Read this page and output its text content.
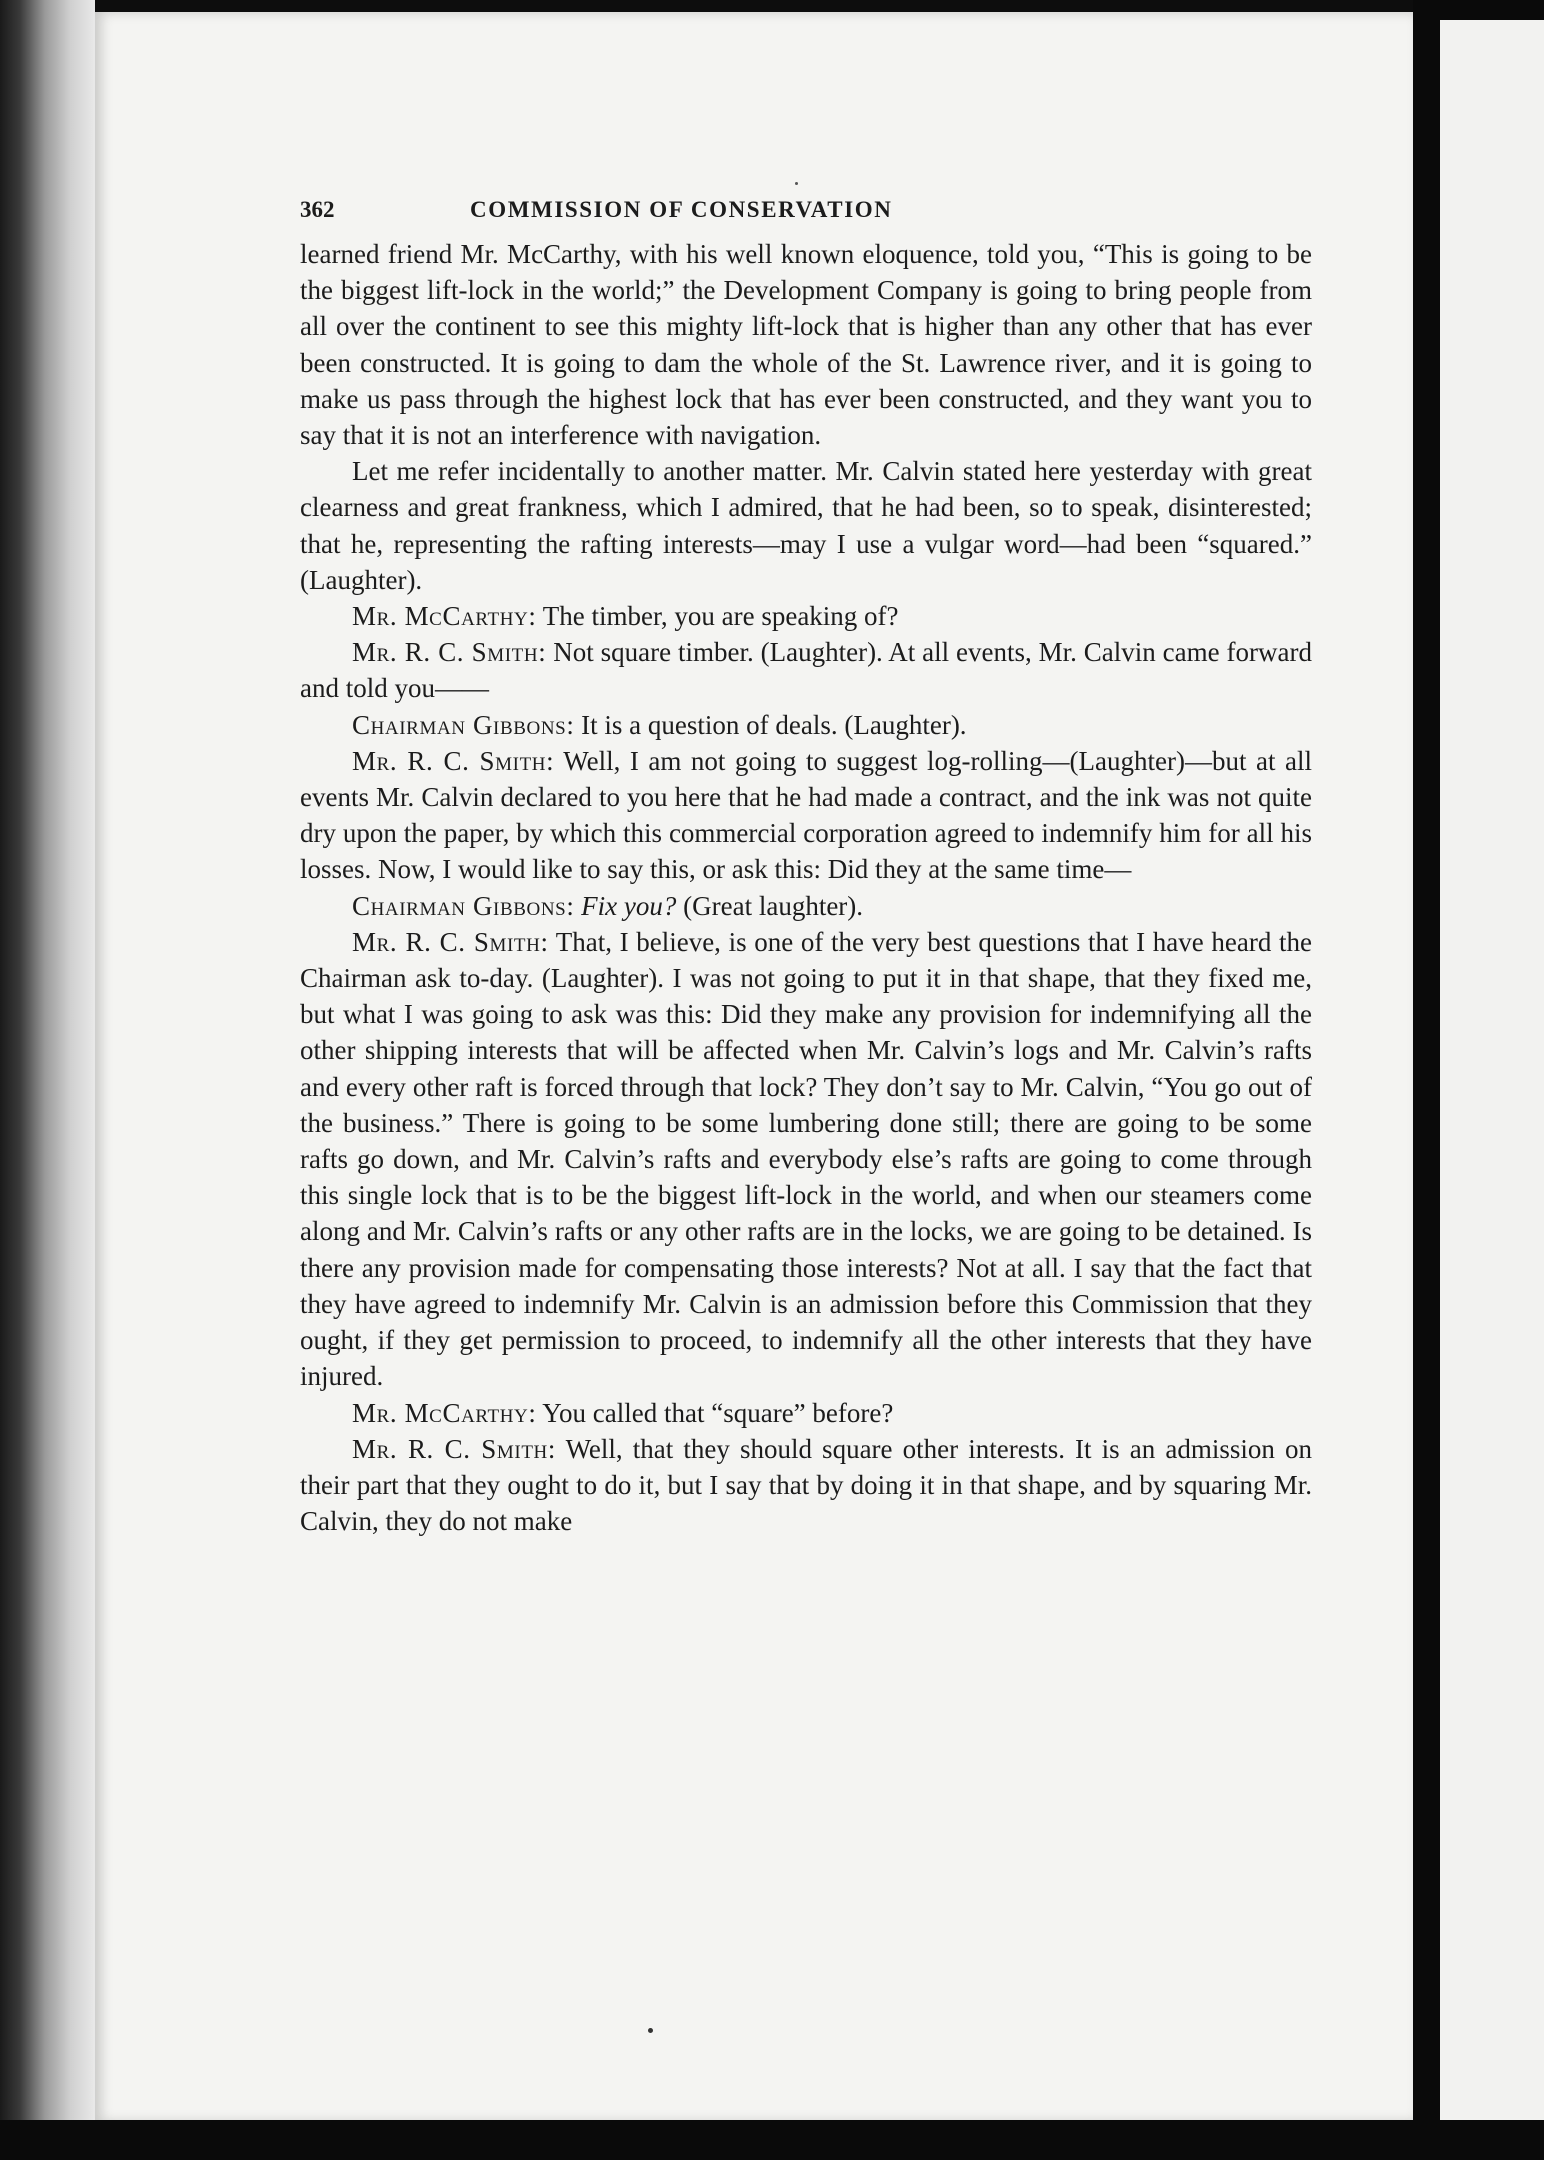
362	COMMISSION OF CONSERVATION

learned friend Mr. McCarthy, with his well known eloquence, told you, “This is going to be the biggest lift-lock in the world;” the Development Company is going to bring people from all over the continent to see this mighty lift-lock that is higher than any other that has ever been constructed. It is going to dam the whole of the St. Lawrence river, and it is going to make us pass through the highest lock that has ever been constructed, and they want you to say that it is not an interference with navigation.

Let me refer incidentally to another matter. Mr. Calvin stated here yesterday with great clearness and great frankness, which I admired, that he had been, so to speak, disinterested; that he, representing the rafting interests—may I use a vulgar word—had been “squared.” (Laughter).

Mr. McCarthy: The timber, you are speaking of?

Mr. R. C. Smith: Not square timber. (Laughter). At all events, Mr. Calvin came forward and told you——

Chairman Gibbons: It is a question of deals. (Laughter).

Mr. R. C. Smith: Well, I am not going to suggest log-rolling—(Laughter)—but at all events Mr. Calvin declared to you here that he had made a contract, and the ink was not quite dry upon the paper, by which this commercial corporation agreed to indemnify him for all his losses. Now, I would like to say this, or ask this: Did they at the same time—

Chairman Gibbons: Fix you? (Great laughter).

Mr. R. C. Smith: That, I believe, is one of the very best questions that I have heard the Chairman ask to-day. (Laughter). I was not going to put it in that shape, that they fixed me, but what I was going to ask was this: Did they make any provision for indemnifying all the other shipping interests that will be affected when Mr. Calvin’s logs and Mr. Calvin’s rafts and every other raft is forced through that lock? They don’t say to Mr. Calvin, “You go out of the business.” There is going to be some lumbering done still; there are going to be some rafts go down, and Mr. Calvin’s rafts and everybody else’s rafts are going to come through this single lock that is to be the biggest lift-lock in the world, and when our steamers come along and Mr. Calvin’s rafts or any other rafts are in the locks, we are going to be detained. Is there any provision made for compensating those interests? Not at all. I say that the fact that they have agreed to indemnify Mr. Calvin is an admission before this Commission that they ought, if they get permission to proceed, to indemnify all the other interests that they have injured.

Mr. McCarthy: You called that “square” before?

Mr. R. C. Smith: Well, that they should square other interests. It is an admission on their part that they ought to do it, but I say that by doing it in that shape, and by squaring Mr. Calvin, they do not make
